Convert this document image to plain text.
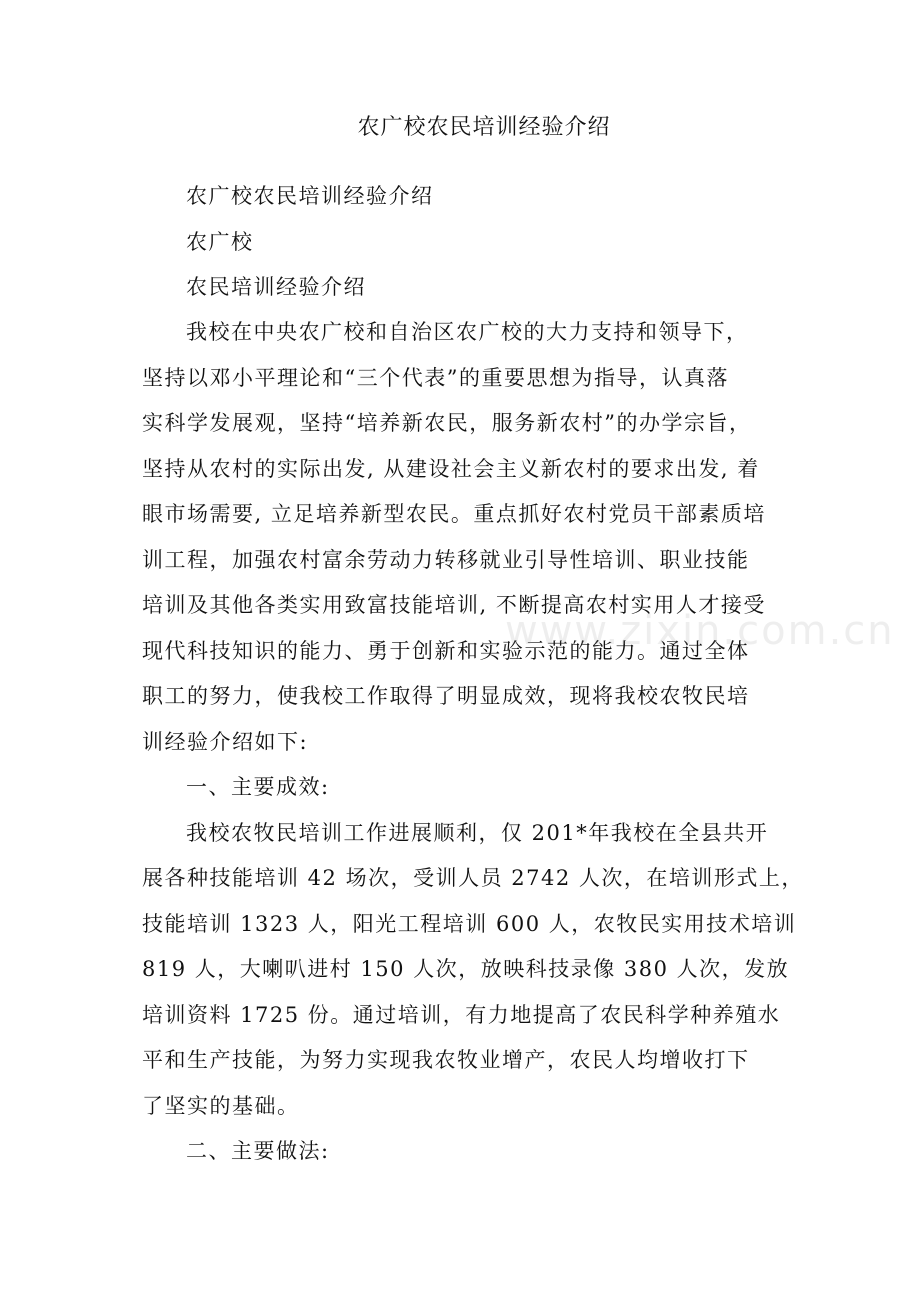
农广校农民培训经验介绍
农广校农民培训经验介绍
农广校
农民培训经验介绍
我校在中央农广校和自治区农广校的大力支持和领导下，
坚持以邓小平理论和“三个代表”的重要思想为指导，认真落
实科学发展观，坚持“培养新农民，服务新农村”的办学宗旨，
坚持从农村的实际出发, 从建设社会主义新农村的要求出发, 着
眼市场需要, 立足培养新型农民。重点抓好农村党员干部素质培
训工程，加强农村富余劳动力转移就业引导性培训、职业技能
培训及其他各类实用致富技能培训, 不断提高农村实用人才接受
现代科技知识的能力、勇于创新和实验示范的能力。通过全体
职工的努力，使我校工作取得了明显成效，现将我校农牧民培
训经验介绍如下:
一、主要成效:
我校农牧民培训工作进展顺利，仅 201*年我校在全县共开
展各种技能培训 42 场次，受训人员 2742 人次，在培训形式上，
技能培训 1323 人，阳光工程培训 600 人，农牧民实用技术培训
819 人，大喇叭进村 150 人次，放映科技录像 380 人次，发放
培训资料 1725 份。通过培训，有力地提高了农民科学种养殖水
平和生产技能，为努力实现我农牧业增产，农民人均增收打下
了坚实的基础。
二、主要做法:
www.zixin.com.cn
